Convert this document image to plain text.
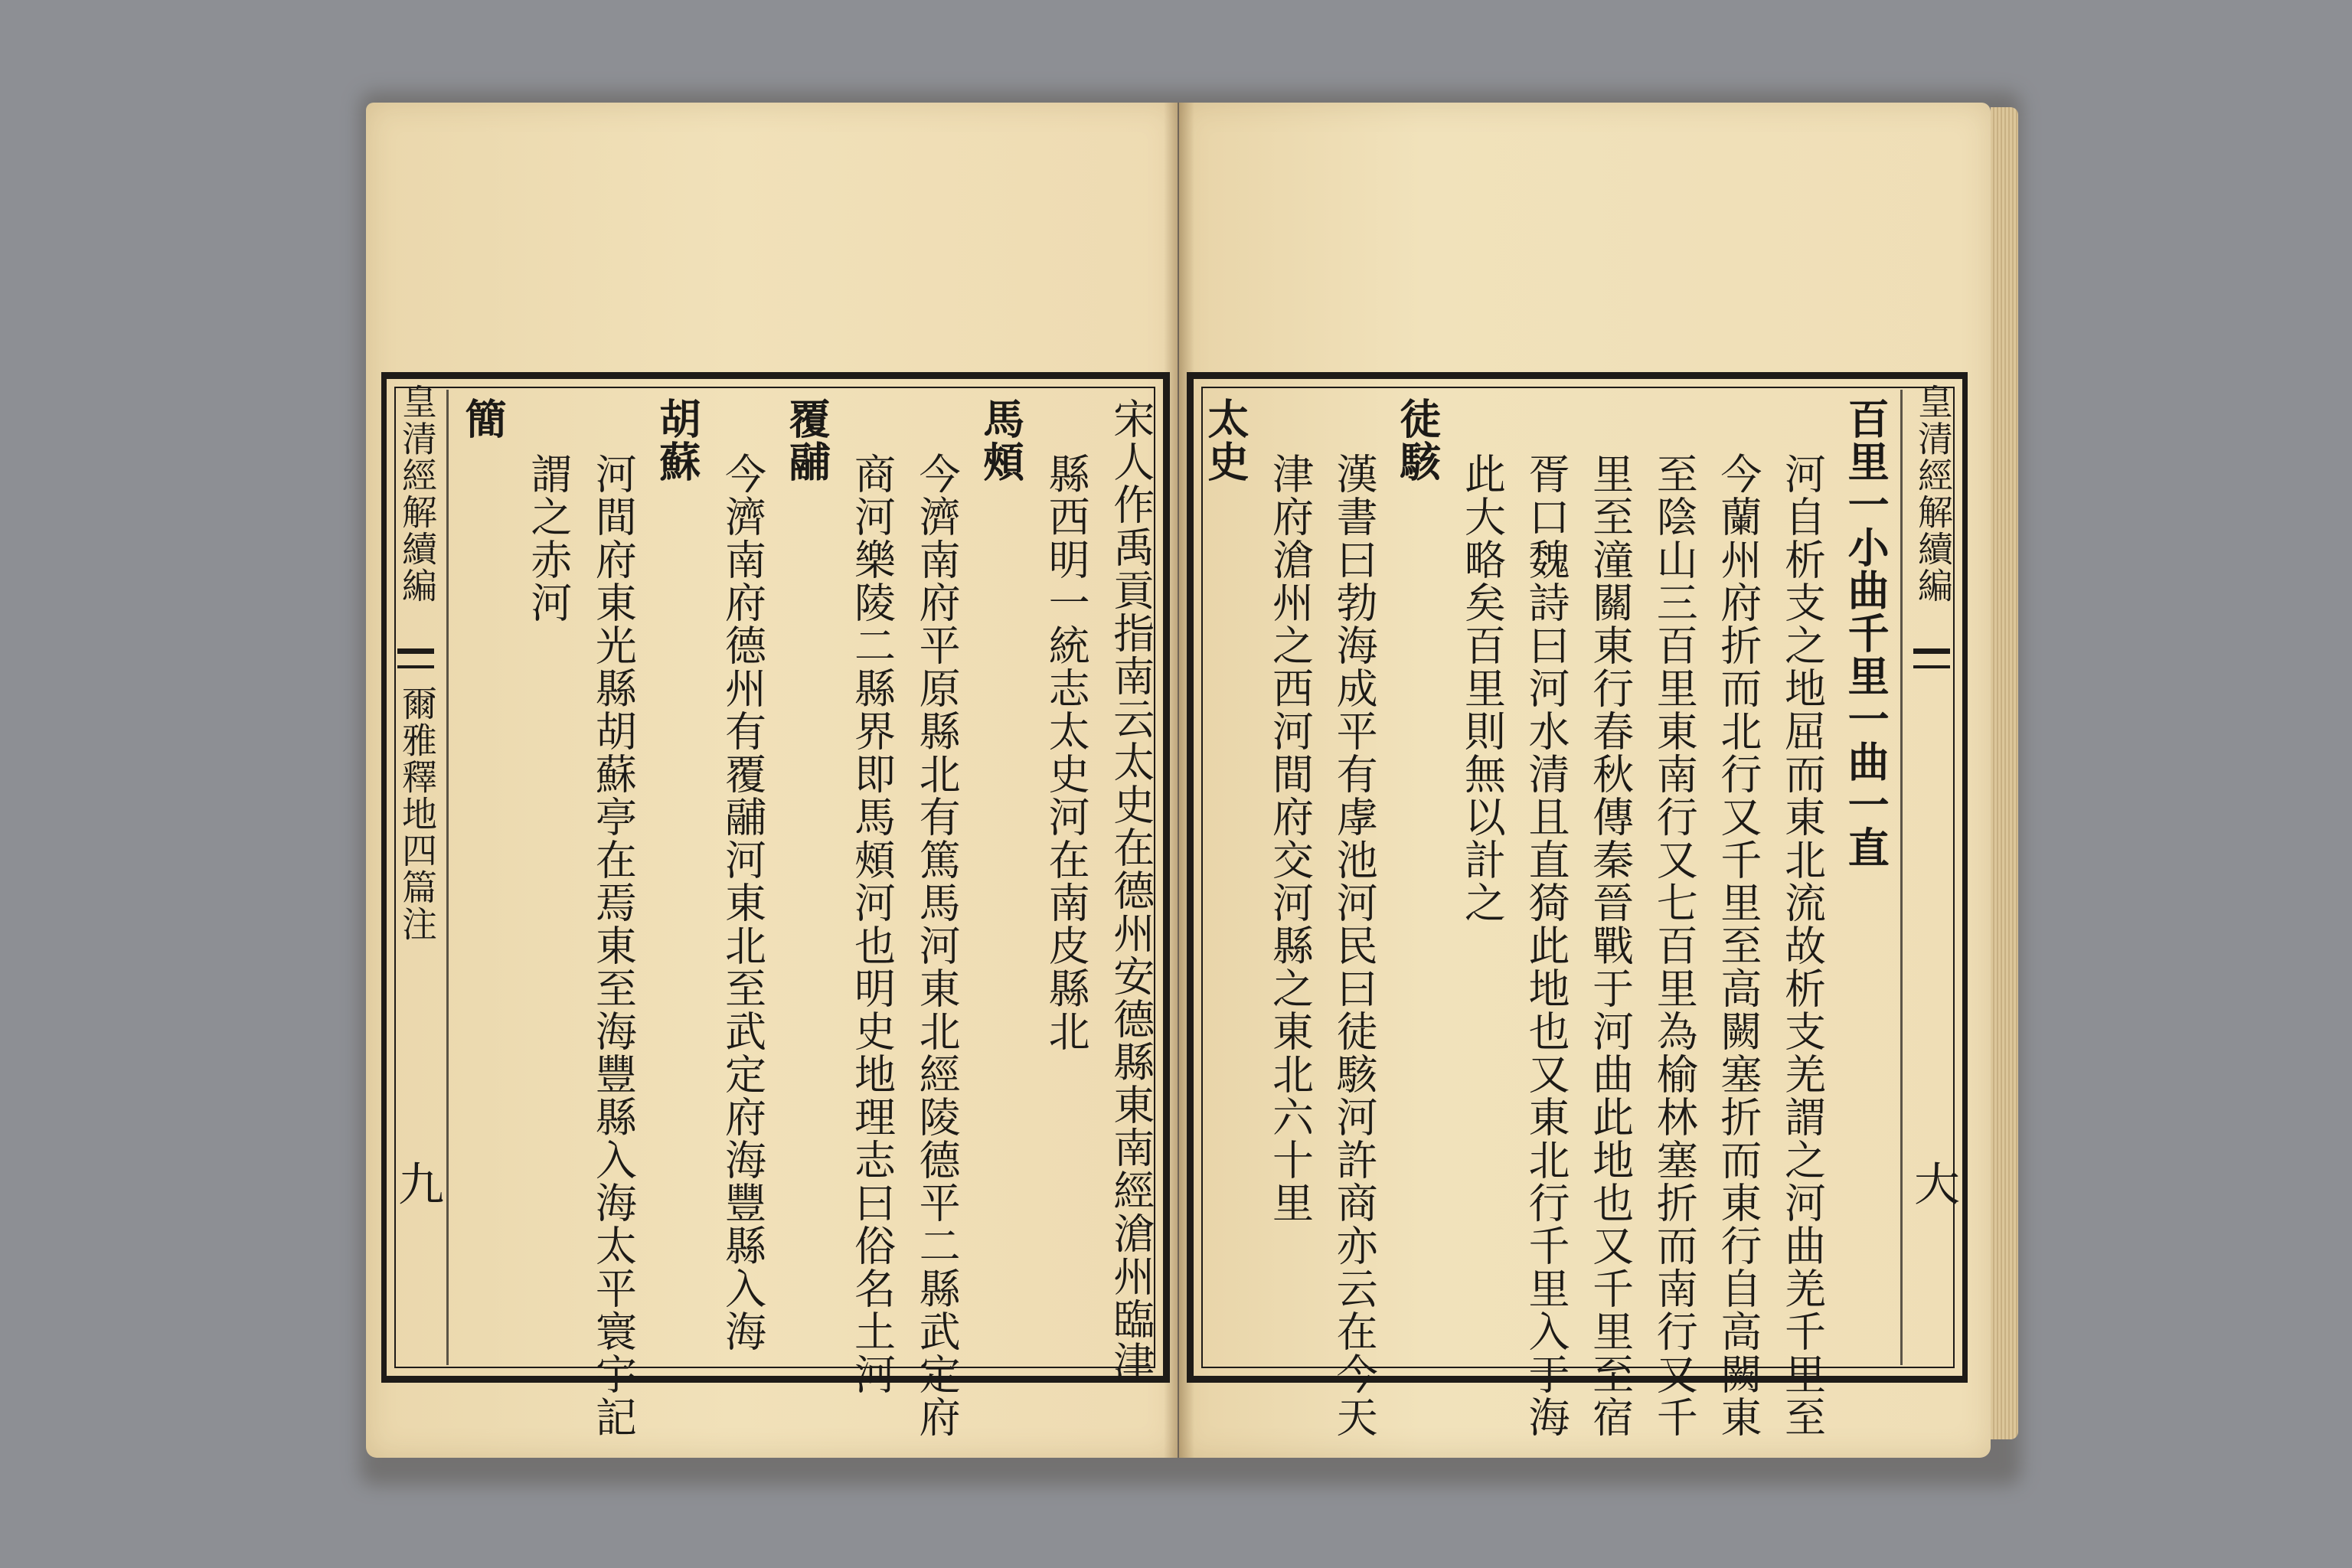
皇清經解續編
爾雅釋地四篇注
九	宋人作禹貢指南云太史在德州安德縣東南經滄州臨津
縣西明一統志太史河在南皮縣北
馬頰
今濟南府平原縣北有篤馬河東北經陵德平二縣武定府
商河樂陵二縣界即馬頰河也明史地理志曰俗名土河
覆鬴
今濟南府德州有覆鬴河東北至武定府海豐縣入海
胡蘇
河間府東光縣胡蘇亭在焉東至海豐縣入海太平寰宇記
謂之赤河
簡	百里一小曲千里一曲一直
河自析支之地屈而東北流故析支羌謂之河曲羌千里至
今蘭州府折而北行又千里至高闕塞折而東行自高闕東
至陰山三百里東南行又七百里為榆林塞折而南行又千
里至潼關東行春秋傳秦晉戰于河曲此地也又千里至宿
胥口魏詩曰河水清且直猗此地也又東北行千里入于海
此大略矣百里則無以計之
徒駭
漢書曰勃海成平有虖池河民曰徒駭河許商亦云在今天
津府滄州之西河間府交河縣之東北六十里
太史	皇清經解續編
大
